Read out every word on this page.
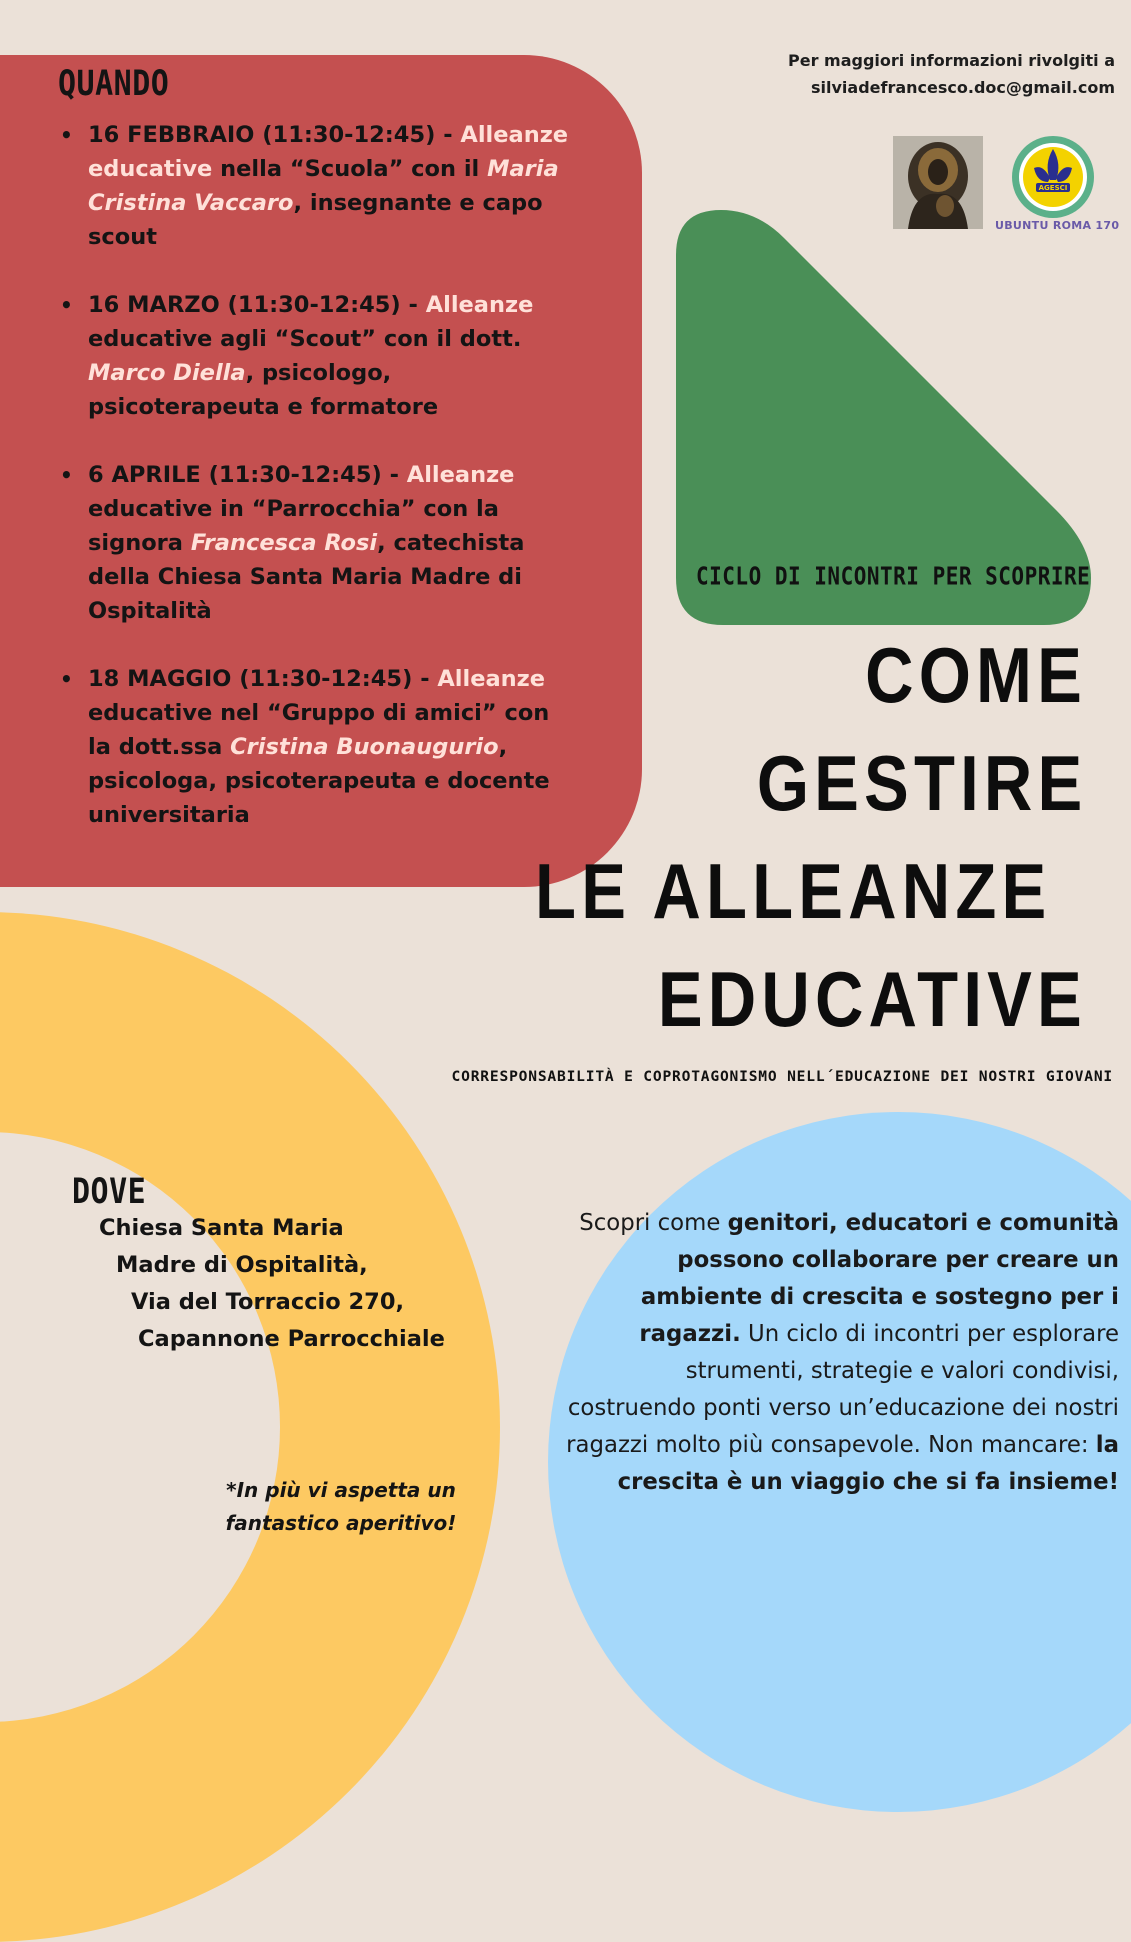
Per maggiori informazioni rivolgiti a
silviadefrancesco.doc@gmail.com
AGESCI
UBUNTU ROMA 170
QUANDO
• 16 FEBBRAIO (11:30-12:45) - Alleanze educative nella “Scuola” con il Maria Cristina Vaccaro, insegnante e capo scout
• 16 MARZO (11:30-12:45) - Alleanze educative agli “Scout” con il dott. Marco Diella, psicologo, psicoterapeuta e formatore
• 6 APRILE (11:30-12:45) - Alleanze educative in “Parrocchia” con la signora Francesca Rosi, catechista della Chiesa Santa Maria Madre di Ospitalità
• 18 MAGGIO (11:30-12:45) - Alleanze educative nel “Gruppo di amici” con la dott.ssa Cristina Buonaugurio, psicologa, psicoterapeuta e docente universitaria
CICLO DI INCONTRI PER SCOPRIRE
COME
GESTIRE
LE ALLEANZE
EDUCATIVE
CORRESPONSABILITÀ E COPROTAGONISMO NELL´EDUCAZIONE DEI NOSTRI GIOVANI
DOVE
Chiesa Santa Maria
Madre di Ospitalità,
Via del Torraccio 270,
Capannone Parrocchiale
*In più vi aspetta un fantastico aperitivo!
Scopri come genitori, educatori e comunità possono collaborare per creare un ambiente di crescita e sostegno per i ragazzi. Un ciclo di incontri per esplorare strumenti, strategie e valori condivisi, costruendo ponti verso un’educazione dei nostri ragazzi molto più consapevole. Non mancare: la crescita è un viaggio che si fa insieme!
